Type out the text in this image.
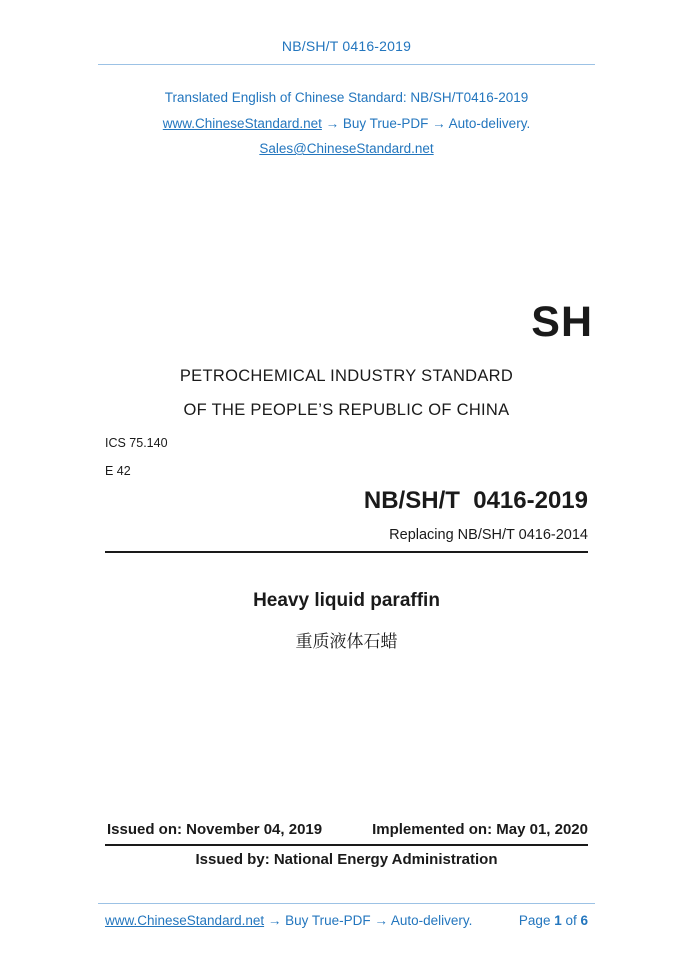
NB/SH/T 0416-2019
Translated English of Chinese Standard: NB/SH/T0416-2019
www.ChineseStandard.net → Buy True-PDF → Auto-delivery.
Sales@ChineseStandard.net
SH
PETROCHEMICAL INDUSTRY STANDARD
OF THE PEOPLE’S REPUBLIC OF CHINA
ICS 75.140
E 42
NB/SH/T  0416-2019
Replacing NB/SH/T 0416-2014
Heavy liquid paraffin
重质液体石蜡
Issued on: November 04, 2019	Implemented on: May 01, 2020
Issued by: National Energy Administration
www.ChineseStandard.net → Buy True-PDF → Auto-delivery.	Page 1 of 6
